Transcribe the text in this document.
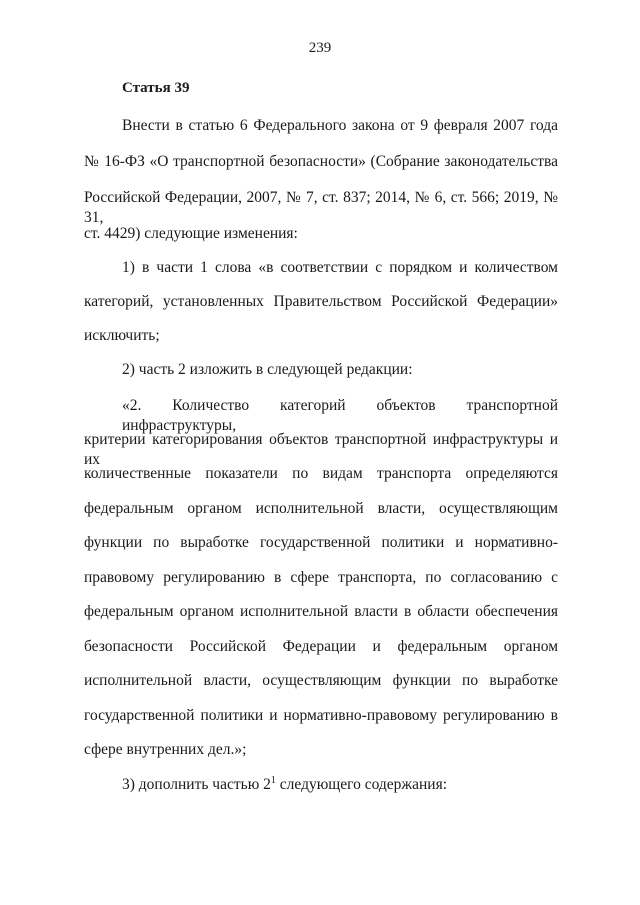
239
Статья 39
Внести в статью 6 Федерального закона от 9 февраля 2007 года
№ 16-ФЗ «О транспортной безопасности» (Собрание законодательства
Российской Федерации, 2007, № 7, ст. 837; 2014, № 6, ст. 566; 2019, № 31,
ст. 4429) следующие изменения:
1) в части 1 слова «в соответствии с порядком и количеством
категорий, установленных Правительством Российской Федерации»
исключить;
2) часть 2 изложить в следующей редакции:
«2. Количество категорий объектов транспортной инфраструктуры,
критерии категорирования объектов транспортной инфраструктуры и их
количественные показатели по видам транспорта определяются
федеральным органом исполнительной власти, осуществляющим
функции по выработке государственной политики и нормативно-
правовому регулированию в сфере транспорта, по согласованию с
федеральным органом исполнительной власти в области обеспечения
безопасности Российской Федерации и федеральным органом
исполнительной власти, осуществляющим функции по выработке
государственной политики и нормативно-правовому регулированию в
сфере внутренних дел.»;
3) дополнить частью $2^1$ следующего содержания:
